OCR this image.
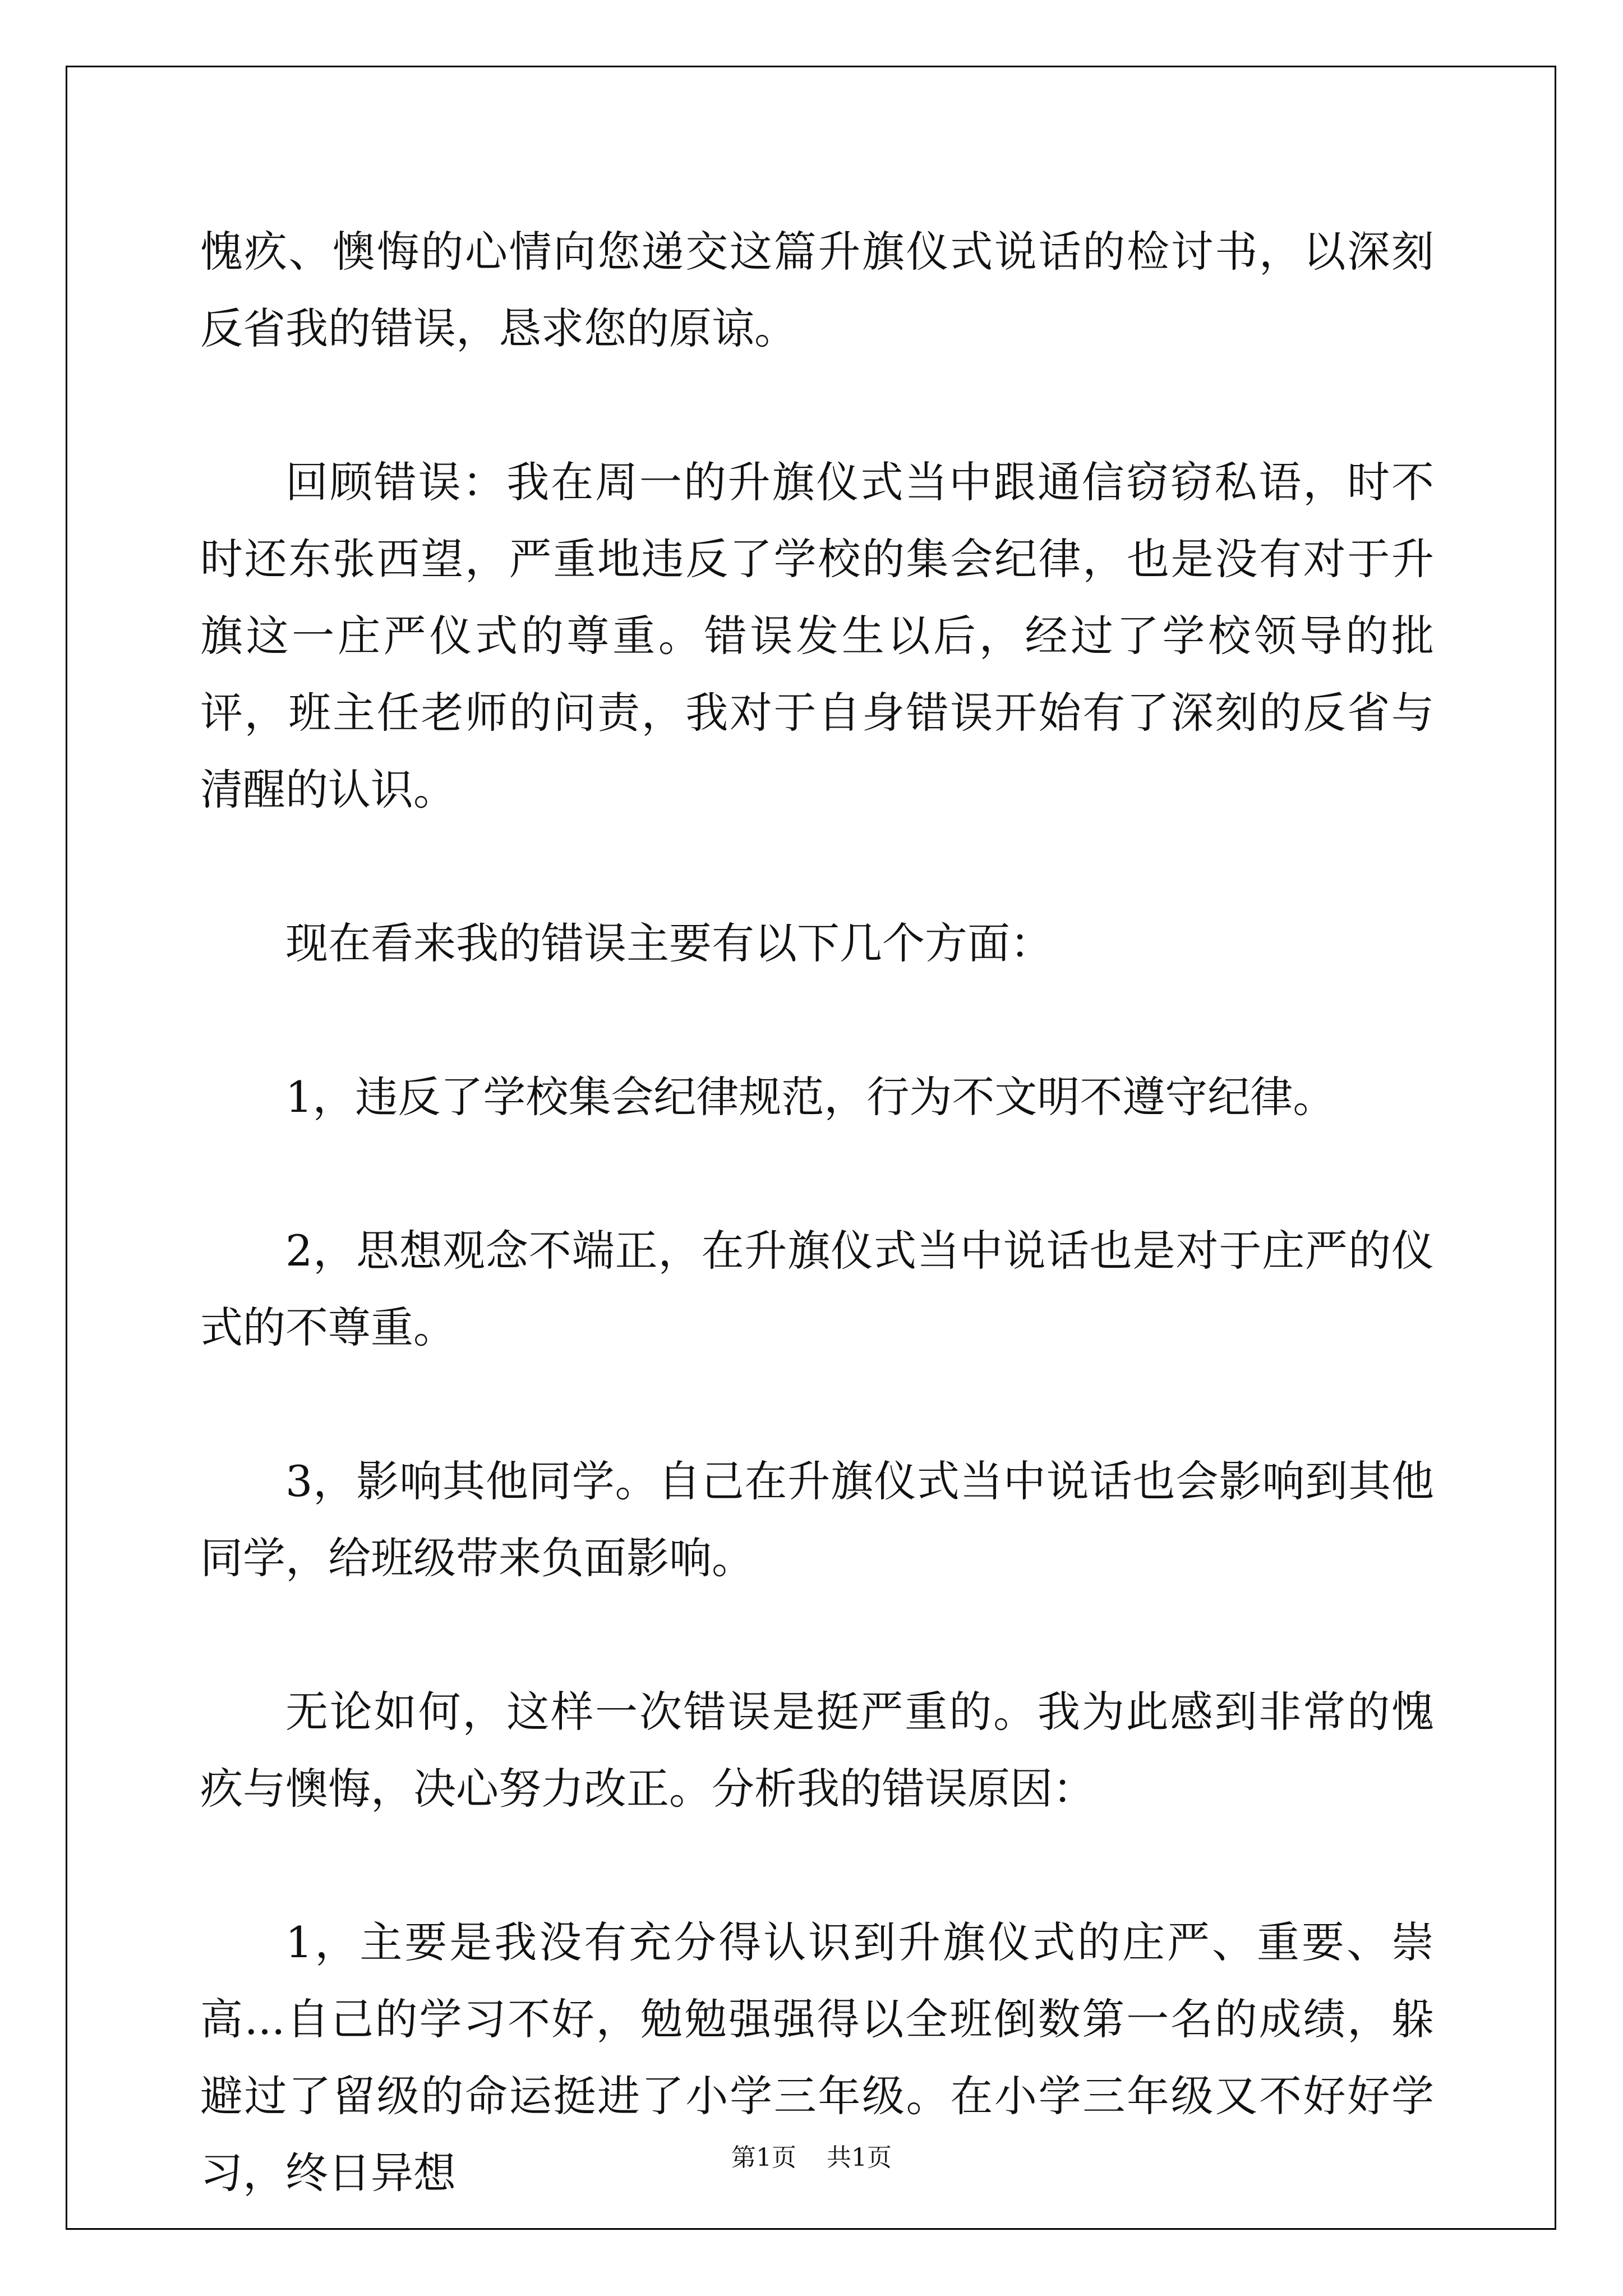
愧疚、懊悔的心情向您递交这篇升旗仪式说话的检讨书，以深刻反省我的错误，恳求您的原谅。

回顾错误：我在周一的升旗仪式当中跟通信窃窃私语，时不时还东张西望，严重地违反了学校的集会纪律，也是没有对于升旗这一庄严仪式的尊重。错误发生以后，经过了学校领导的批评，班主任老师的问责，我对于自身错误开始有了深刻的反省与清醒的认识。

现在看来我的错误主要有以下几个方面：

1，违反了学校集会纪律规范，行为不文明不遵守纪律。

2，思想观念不端正，在升旗仪式当中说话也是对于庄严的仪式的不尊重。

3，影响其他同学。自己在升旗仪式当中说话也会影响到其他同学，给班级带来负面影响。

无论如何，这样一次错误是挺严重的。我为此感到非常的愧疚与懊悔，决心努力改正。分析我的错误原因：

1，主要是我没有充分得认识到升旗仪式的庄严、重要、崇高...自己的学习不好，勉勉强强得以全班倒数第一名的成绩，躲避过了留级的命运挺进了小学三年级。在小学三年级又不好好学习，终日异想	第1页 共1页
